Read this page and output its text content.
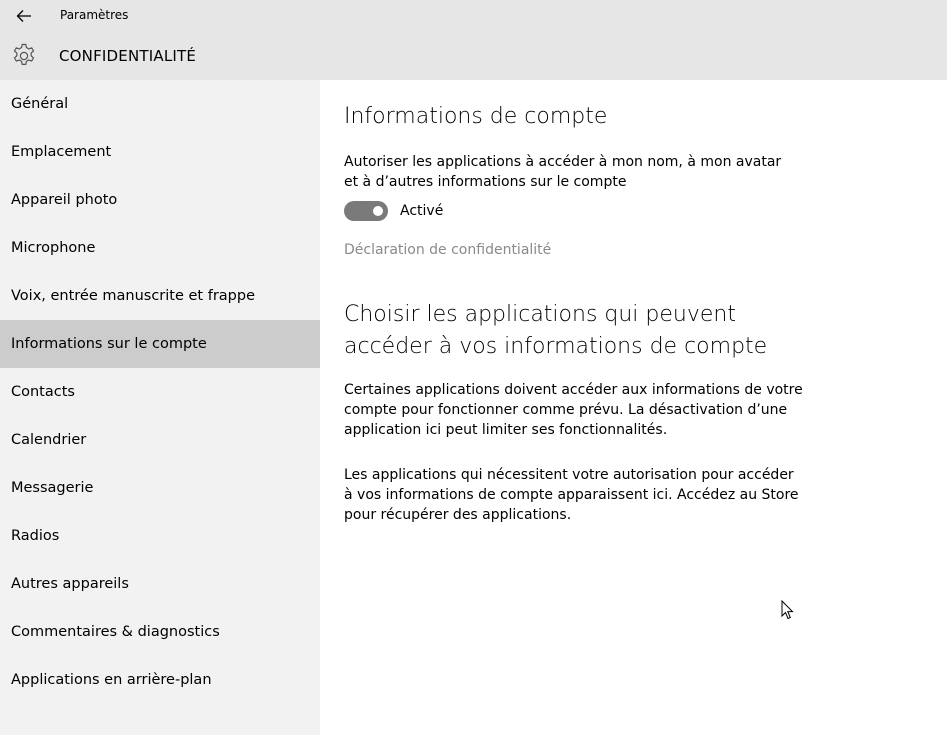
Paramètres
CONFIDENTIALITÉ
Général
Emplacement
Appareil photo
Microphone
Voix, entrée manuscrite et frappe
Informations sur le compte
Contacts
Calendrier
Messagerie
Radios
Autres appareils
Commentaires & diagnostics
Applications en arrière-plan
Informations de compte
Autoriser les applications à accéder à mon nom, à mon avatar et à d’autres informations sur le compte
Activé
Déclaration de confidentialité
Choisir les applications qui peuvent accéder à vos informations de compte
Certaines applications doivent accéder aux informations de votre compte pour fonctionner comme prévu. La désactivation d’une application ici peut limiter ses fonctionnalités.
Les applications qui nécessitent votre autorisation pour accéder à vos informations de compte apparaissent ici. Accédez au Store pour récupérer des applications.
